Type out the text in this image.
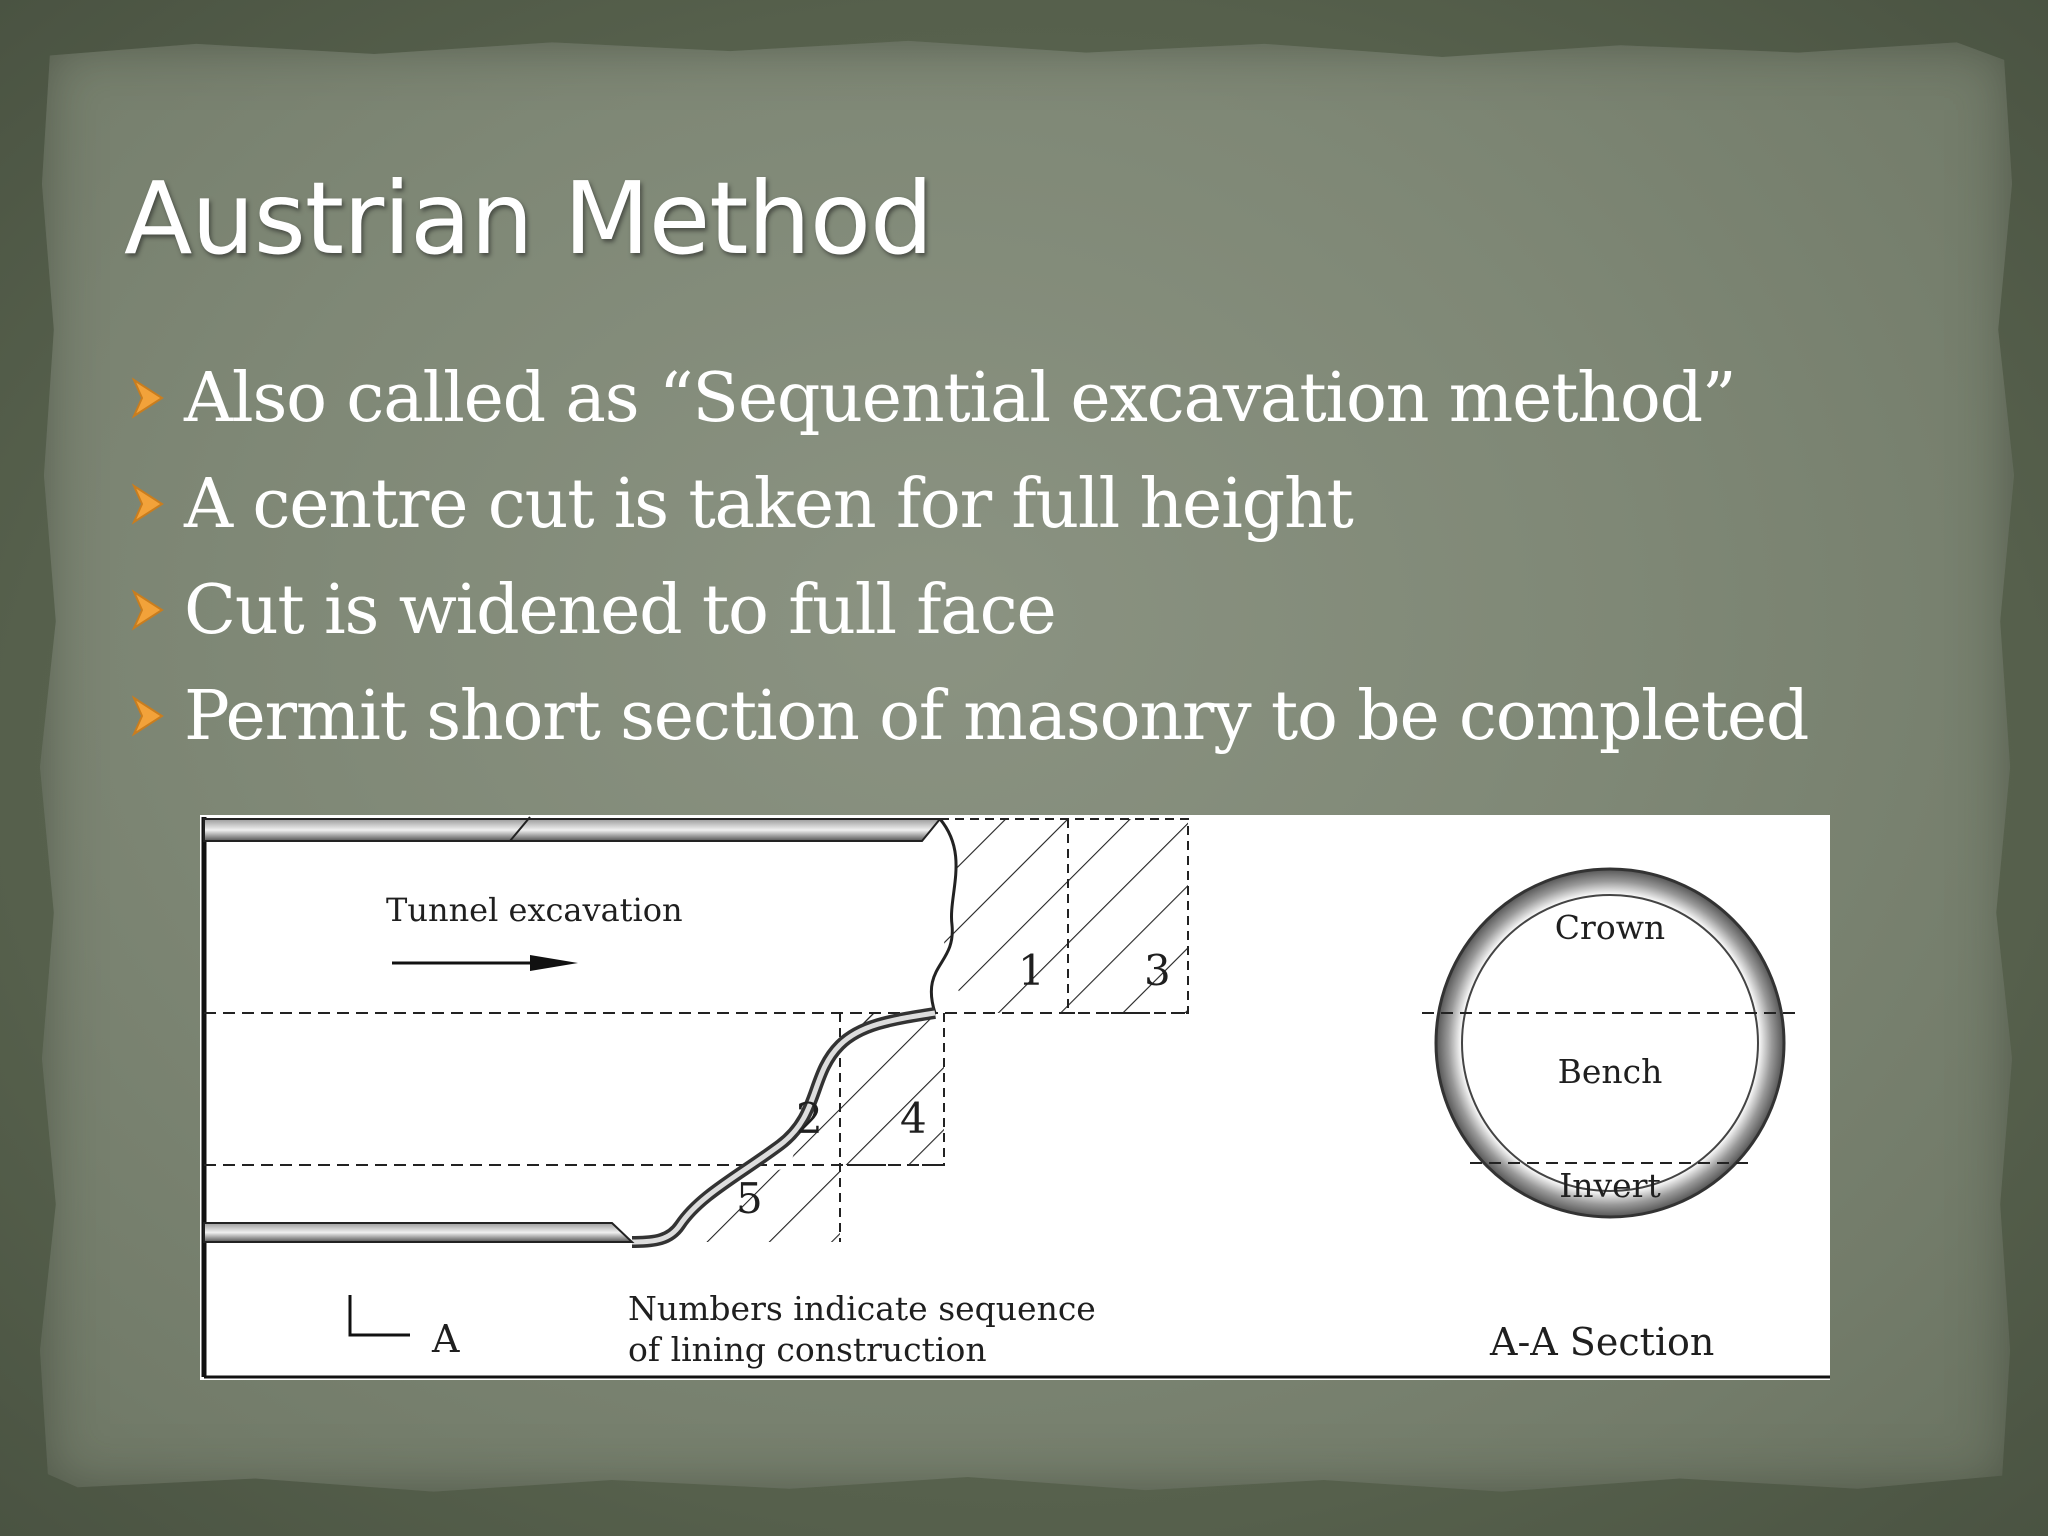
Austrian Method
Also called as “Sequential excavation method”
A centre cut is taken for full height
Cut is widened to full face
Permit short section of masonry to be completed
Tunnel excavation
1 3
2 4
5
A
Numbers indicate sequence
of lining construction
Crown
Bench
Invert
A-A Section
